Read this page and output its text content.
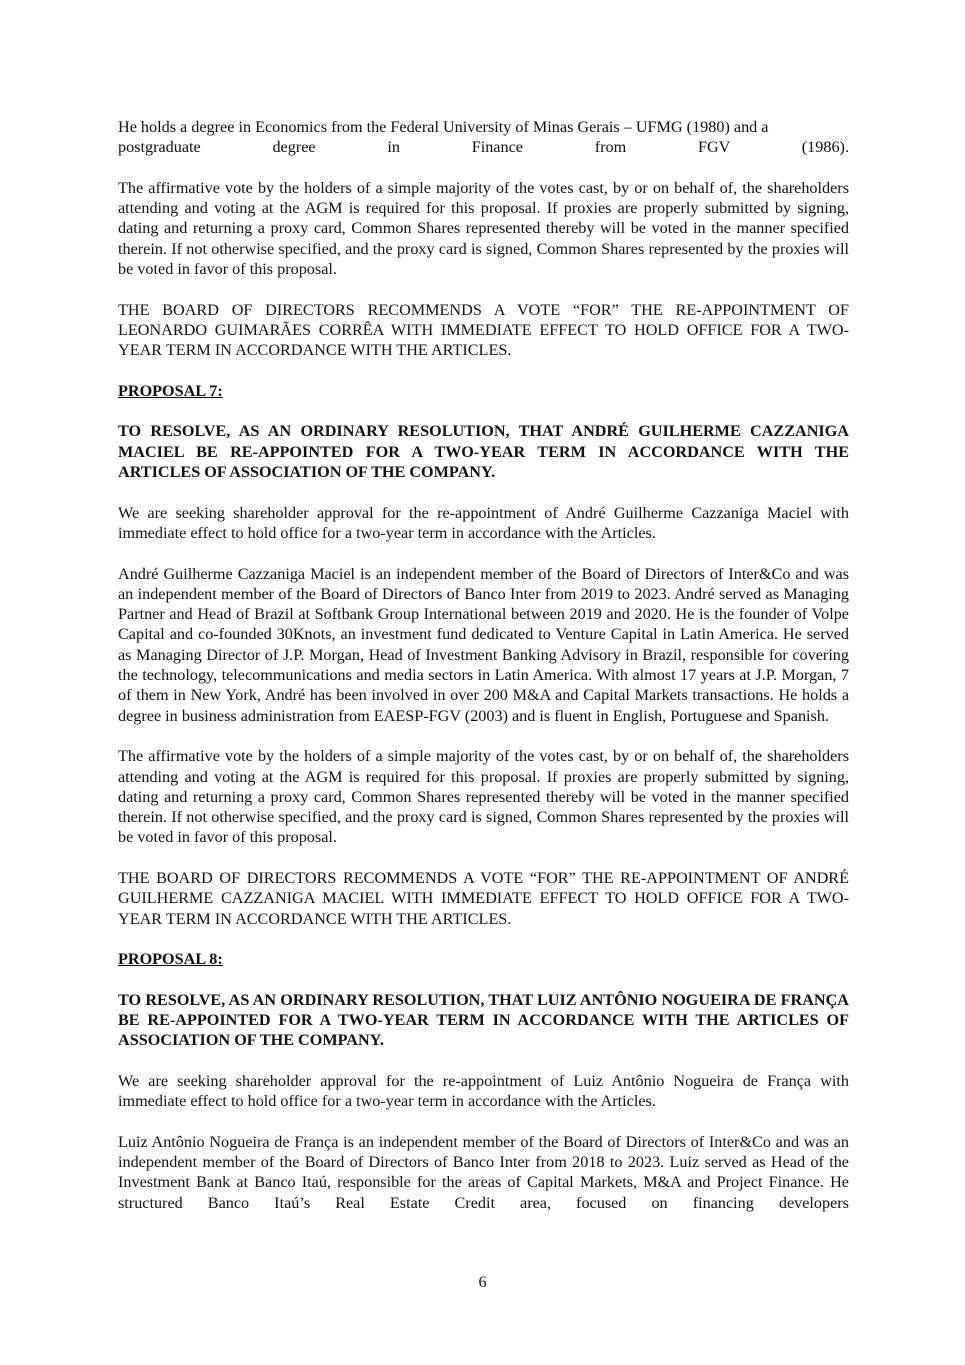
He holds a degree in Economics from the Federal University of Minas Gerais – UFMG (1980) and a

postgraduate degree in Finance from FGV (1986).

The affirmative vote by the holders of a simple majority of the votes cast, by or on behalf of, the shareholders attending and voting at the AGM is required for this proposal. If proxies are properly submitted by signing, dating and returning a proxy card, Common Shares represented thereby will be voted in the manner specified therein. If not otherwise specified, and the proxy card is signed, Common Shares represented by the proxies will be voted in favor of this proposal.

THE BOARD OF DIRECTORS RECOMMENDS A VOTE “FOR” THE RE-APPOINTMENT OF LEONARDO GUIMARÃES CORRÊA WITH IMMEDIATE EFFECT TO HOLD OFFICE FOR A TWO-YEAR TERM IN ACCORDANCE WITH THE ARTICLES.

PROPOSAL 7:

TO RESOLVE, AS AN ORDINARY RESOLUTION, THAT ANDRÉ GUILHERME CAZZANIGA MACIEL BE RE-APPOINTED FOR A TWO-YEAR TERM IN ACCORDANCE WITH THE ARTICLES OF ASSOCIATION OF THE COMPANY.

We are seeking shareholder approval for the re-appointment of André Guilherme Cazzaniga Maciel with immediate effect to hold office for a two-year term in accordance with the Articles.

André Guilherme Cazzaniga Maciel is an independent member of the Board of Directors of Inter&Co and was an independent member of the Board of Directors of Banco Inter from 2019 to 2023. André served as Managing Partner and Head of Brazil at Softbank Group International between 2019 and 2020. He is the founder of Volpe Capital and co-founded 30Knots, an investment fund dedicated to Venture Capital in Latin America. He served as Managing Director of J.P. Morgan, Head of Investment Banking Advisory in Brazil, responsible for covering the technology, telecommunications and media sectors in Latin America. With almost 17 years at J.P. Morgan, 7 of them in New York, André has been involved in over 200 M&A and Capital Markets transactions. He holds a degree in business administration from EAESP-FGV (2003) and is fluent in English, Portuguese and Spanish.

The affirmative vote by the holders of a simple majority of the votes cast, by or on behalf of, the shareholders attending and voting at the AGM is required for this proposal. If proxies are properly submitted by signing, dating and returning a proxy card, Common Shares represented thereby will be voted in the manner specified therein. If not otherwise specified, and the proxy card is signed, Common Shares represented by the proxies will be voted in favor of this proposal.

THE BOARD OF DIRECTORS RECOMMENDS A VOTE “FOR” THE RE-APPOINTMENT OF ANDRÉ GUILHERME CAZZANIGA MACIEL WITH IMMEDIATE EFFECT TO HOLD OFFICE FOR A TWO-YEAR TERM IN ACCORDANCE WITH THE ARTICLES.

PROPOSAL 8:

TO RESOLVE, AS AN ORDINARY RESOLUTION, THAT LUIZ ANTÔNIO NOGUEIRA DE FRANÇA BE RE-APPOINTED FOR A TWO-YEAR TERM IN ACCORDANCE WITH THE ARTICLES OF ASSOCIATION OF THE COMPANY.

We are seeking shareholder approval for the re-appointment of Luiz Antônio Nogueira de França with immediate effect to hold office for a two-year term in accordance with the Articles.

Luiz Antônio Nogueira de França is an independent member of the Board of Directors of Inter&Co and was an independent member of the Board of Directors of Banco Inter from 2018 to 2023. Luiz served as Head of the Investment Bank at Banco Itaú, responsible for the areas of Capital Markets, M&A and Project Finance. He structured Banco Itaú’s Real Estate Credit area, focused on financing developers

6
